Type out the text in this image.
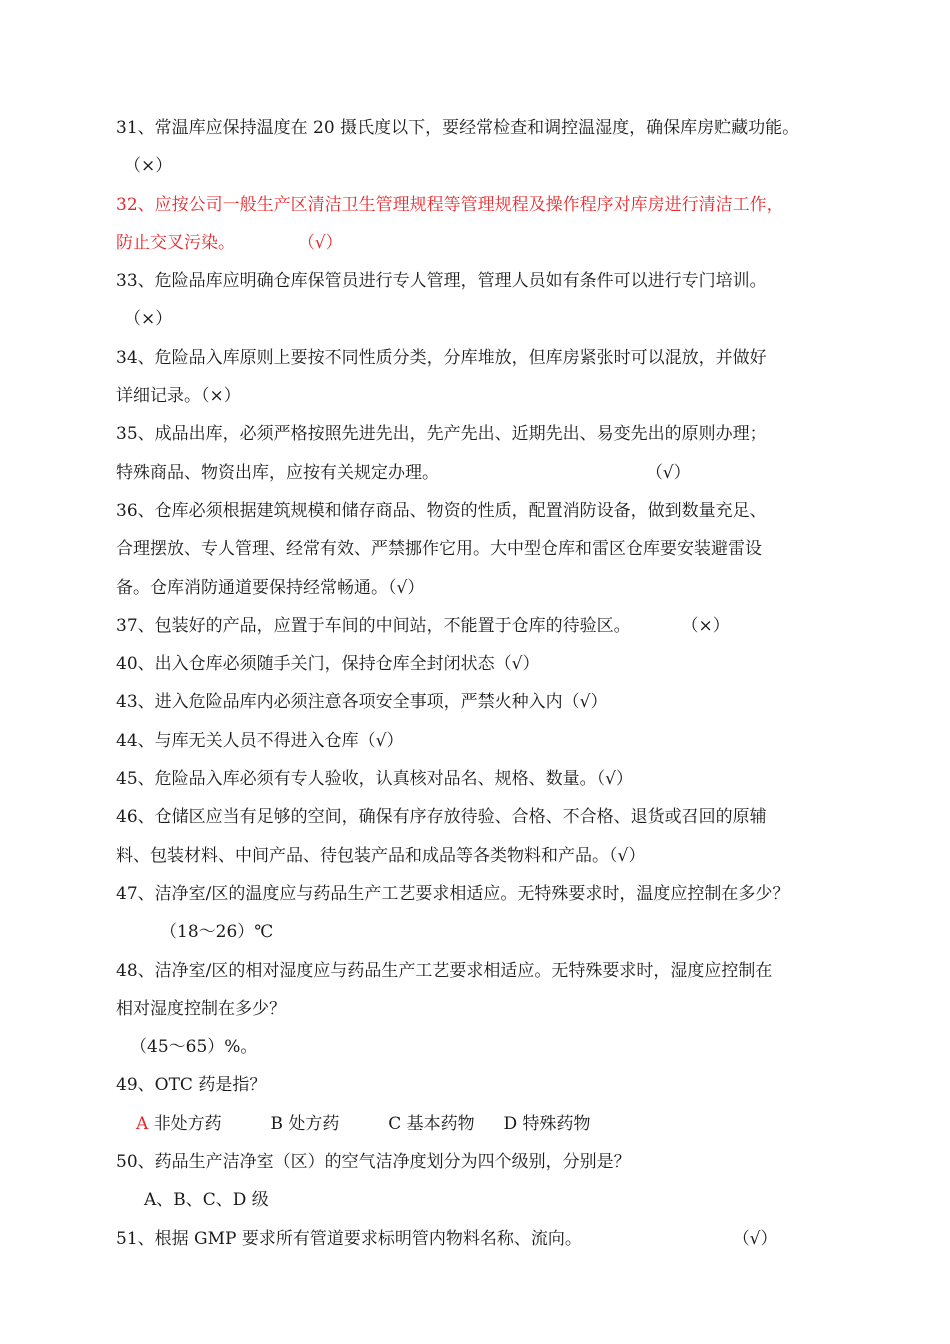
31、常温库应保持温度在 20 摄氏度以下，要经常检查和调控温湿度，确保库房贮藏功能。
（×）
32、应按公司一般生产区清洁卫生管理规程等管理规程及操作程序对库房进行清洁工作，
防止交叉污染。	（√）
33、危险品库应明确仓库保管员进行专人管理，管理人员如有条件可以进行专门培训。
（×）
34、危险品入库原则上要按不同性质分类，分库堆放，但库房紧张时可以混放，并做好
详细记录。（×）
35、成品出库，必须严格按照先进先出，先产先出、近期先出、易变先出的原则办理；
特殊商品、物资出库，应按有关规定办理。	（√）
36、仓库必须根据建筑规模和储存商品、物资的性质，配置消防设备，做到数量充足、
合理摆放、专人管理、经常有效、严禁挪作它用。大中型仓库和雷区仓库要安装避雷设
备。仓库消防通道要保持经常畅通。（√）
37、包装好的产品，应置于车间的中间站，不能置于仓库的待验区。	（×）
40、出入仓库必须随手关门，保持仓库全封闭状态（√）
43、进入危险品库内必须注意各项安全事项，严禁火种入内（√）
44、与库无关人员不得进入仓库（√）
45、危险品入库必须有专人验收，认真核对品名、规格、数量。（√）
46、仓储区应当有足够的空间，确保有序存放待验、合格、不合格、退货或召回的原辅
料、包装材料、中间产品、待包装产品和成品等各类物料和产品。（√）
47、洁净室/区的温度应与药品生产工艺要求相适应。无特殊要求时，温度应控制在多少？
（18～26）℃
48、洁净室/区的相对湿度应与药品生产工艺要求相适应。无特殊要求时，湿度应控制在
相对湿度控制在多少？
（45～65）%。
49、OTC 药是指？
A 非处方药	B 处方药	C 基本药物 D 特殊药物
50、药品生产洁净室（区）的空气洁净度划分为四个级别，分别是？
A、B、C、D 级
51、根据 GMP 要求所有管道要求标明管内物料名称、流向。	（√）
